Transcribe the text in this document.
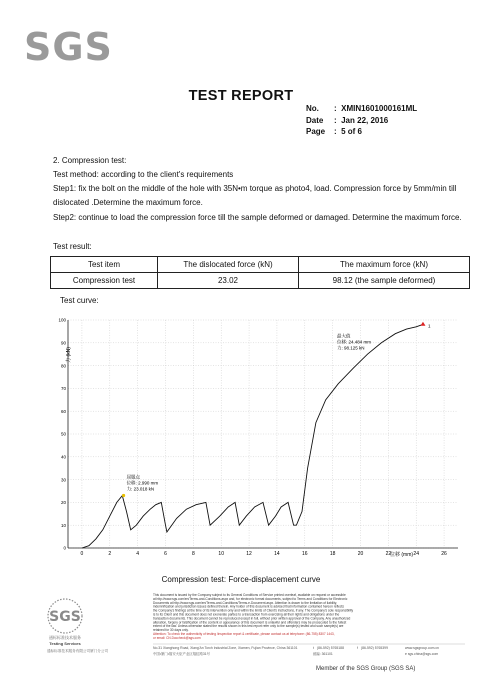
SGS
TEST REPORT
No. :  XMIN1601000161ML
Date :  Jan 22, 2016
Page :  5 of 6
2. Compression test:
Test method: according to the client's requirements
Step1: fix the bolt on the middle of the hole with 35N•m torque as photo4, load. Compression force by 5mm/min till dislocated .Determine the maximum force.
Step2: continue to load the compression force till the sample deformed or damaged. Determine the maximum force.
Test result:
Test item	The dislocated force (kN)	The maximum force (kN)
Compression test	23.02	98.12 (the sample deformed)
Test curve:
0	2	4	6	8	10	12	14	16	18	20	22	24	26
0
10
20
30
40
50
60
70
80
90
100
屈服点
位移: 2.990 mm
力: 23.018 kN
1
最大值
位移: 24.484 mm
力: 98.125 kN
力 (kN)
位移 (mm)
Compression test: Force-displacement curve
SGS
通标标准技术服务
Testing Services
通标标准技术服务有限公司厦门分公司
This document is issued by the Company subject to its General Conditions of Service printed overleaf, available on request or accessible
at http://www.sgs.com/en/Terms-and-Conditions.aspx and, for electronic format documents, subject to Terms and Conditions for Electronic
Documents at http://www.sgs.com/en/Terms-and-Conditions/Terms-e-Document.aspx. Attention is drawn to the limitation of liability,
indemnification and jurisdiction issues defined therein. Any holder of this document is advised that information contained hereon reflects
the Company's findings at the time of its intervention only and within the limits of Client's instructions, if any. The Company's sole responsibility
is to its Client and this document does not exonerate parties to a transaction from exercising all their rights and obligations under the
transaction documents. This document cannot be reproduced except in full, without prior written approval of the Company. Any unauthorized
alteration, forgery or falsification of the content or appearance of this document is unlawful and offenders may be prosecuted to the fullest
extent of the law. Unless otherwise stated the results shown in this test report refer only to the sample(s) tested and such sample(s) are
retained for 30 days only.
Attention: To check the authenticity of testing /inspection report & certificate, please contact us at telephone: (86-755) 8307 1443,
or email: CN.Doccheck@sgs.com
No.31 Xianghong Road, Xiang'An Torch Industrial Zone, Xiamen, Fujian Province, China 361101
中国•厦门•翔安火炬产业区翔虹路31号
t (86-592) 5765188	f (86-592) 5765399	www.sgsgroup.com.cn
邮编: 361101	e sgs.china@sgs.com
Member of the SGS Group (SGS SA)
